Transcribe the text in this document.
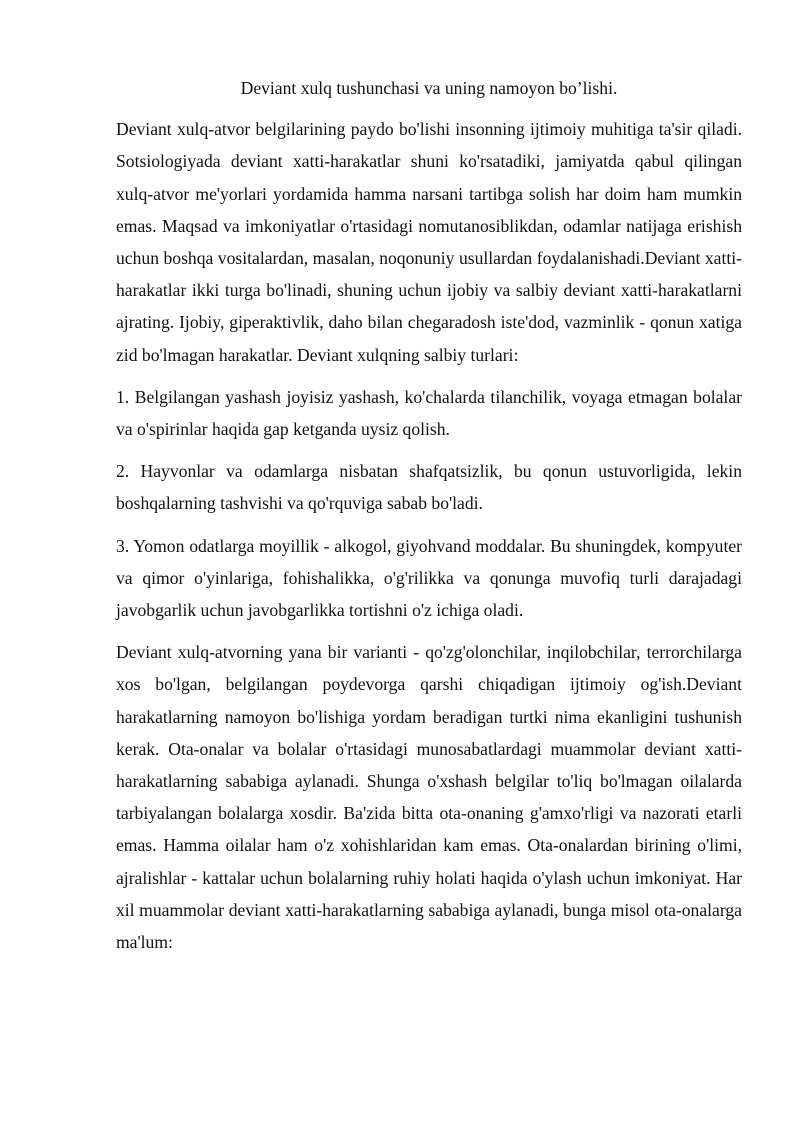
Deviant xulq tushunchasi va uning namoyon bo’lishi.

Deviant xulq-atvor belgilarining paydo bo'lishi insonning ijtimoiy muhitiga ta'sir qiladi. Sotsiologiyada deviant xatti-harakatlar shuni ko'rsatadiki, jamiyatda qabul qilingan xulq-atvor me'yorlari yordamida hamma narsani tartibga solish har doim ham mumkin emas. Maqsad va imkoniyatlar o'rtasidagi nomutanosiblikdan, odamlar natijaga erishish uchun boshqa vositalardan, masalan, noqonuniy usullardan foydalanishadi.Deviant xatti-harakatlar ikki turga bo'linadi, shuning uchun ijobiy va salbiy deviant xatti-harakatlarni ajrating. Ijobiy, giperaktivlik, daho bilan chegaradosh iste'dod, vazminlik - qonun xatiga zid bo'lmagan harakatlar. Deviant xulqning salbiy turlari:

1. Belgilangan yashash joyisiz yashash, ko'chalarda tilanchilik, voyaga etmagan bolalar va o'spirinlar haqida gap ketganda uysiz qolish.

2. Hayvonlar va odamlarga nisbatan shafqatsizlik, bu qonun ustuvorligida, lekin boshqalarning tashvishi va qo'rquviga sabab bo'ladi.

3. Yomon odatlarga moyillik - alkogol, giyohvand moddalar. Bu shuningdek, kompyuter va qimor o'yinlariga, fohishalikka, o'g'rilikka va qonunga muvofiq turli darajadagi javobgarlik uchun javobgarlikka tortishni o'z ichiga oladi.

Deviant xulq-atvorning yana bir varianti - qo'zg'olonchilar, inqilobchilar, terrorchilarga xos bo'lgan, belgilangan poydevorga qarshi chiqadigan ijtimoiy og'ish.Deviant harakatlarning namoyon bo'lishiga yordam beradigan turtki nima ekanligini tushunish kerak. Ota-onalar va bolalar o'rtasidagi munosabatlardagi muammolar deviant xatti-harakatlarning sababiga aylanadi. Shunga o'xshash belgilar to'liq bo'lmagan oilalarda tarbiyalangan bolalarga xosdir. Ba'zida bitta ota-onaning g'amxo'rligi va nazorati etarli emas. Hamma oilalar ham o'z xohishlaridan kam emas. Ota-onalardan birining o'limi, ajralishlar - kattalar uchun bolalarning ruhiy holati haqida o'ylash uchun imkoniyat. Har xil muammolar deviant xatti-harakatlarning sababiga aylanadi, bunga misol ota-onalarga ma'lum:
